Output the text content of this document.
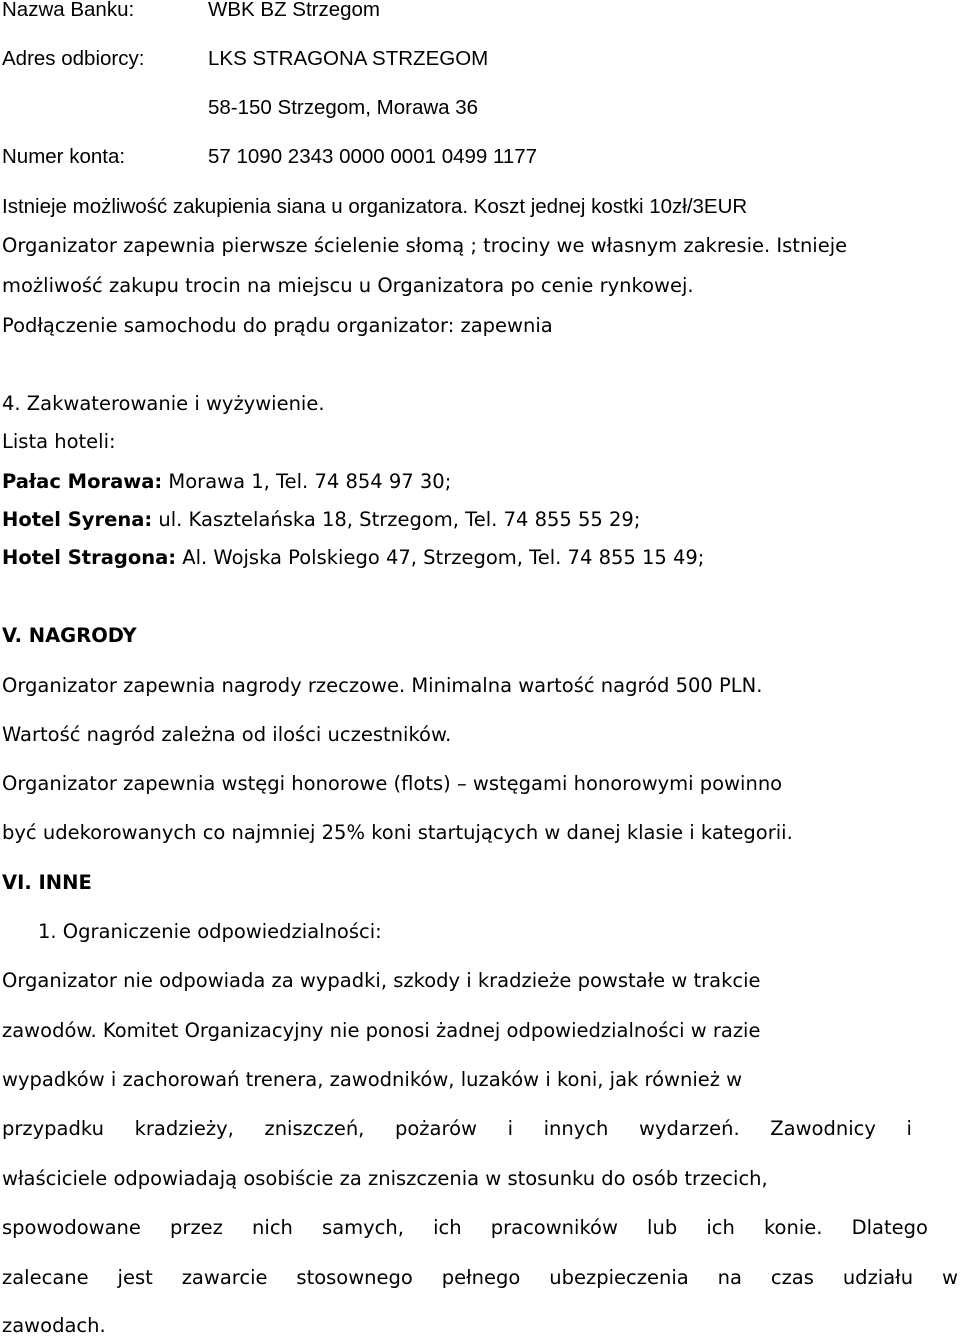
Nazwa Banku:	WBK BZ Strzegom
Adres odbiorcy:	LKS STRAGONA STRZEGOM
58-150 Strzegom, Morawa 36
Numer konta:	57 1090 2343 0000 0001 0499 1177
Istnieje możliwość zakupienia siana u organizatora. Koszt jednej kostki 10zł/3EUR
Organizator zapewnia pierwsze ścielenie słomą ; trociny we własnym zakresie. Istnieje
możliwość zakupu trocin na miejscu u Organizatora po cenie rynkowej.
Podłączenie samochodu do prądu organizator: zapewnia
4. Zakwaterowanie i wyżywienie.
Lista hoteli:
Pałac Morawa: Morawa 1, Tel. 74 854 97 30;
Hotel Syrena: ul. Kasztelańska 18, Strzegom, Tel. 74 855 55 29;
Hotel Stragona: Al. Wojska Polskiego 47, Strzegom, Tel. 74 855 15 49;
V. NAGRODY
Organizator zapewnia nagrody rzeczowe. Minimalna wartość nagród 500 PLN.
Wartość nagród zależna od ilości uczestników.
Organizator zapewnia wstęgi honorowe (flots) – wstęgami honorowymi powinno
być udekorowanych co najmniej 25% koni startujących w danej klasie i kategorii.
VI. INNE
1. Ograniczenie odpowiedzialności:
Organizator nie odpowiada za wypadki, szkody i kradzieże powstałe w trakcie
zawodów. Komitet Organizacyjny nie ponosi żadnej odpowiedzialności w razie
wypadków i zachorowań trenera, zawodników, luzaków i koni, jak również w
przypadku kradzieży, zniszczeń, pożarów i innych wydarzeń. Zawodnicy i
właściciele odpowiadają osobiście za zniszczenia w stosunku do osób trzecich,
spowodowane przez nich samych, ich pracowników lub ich konie. Dlatego
zalecane jest zawarcie stosownego pełnego ubezpieczenia na czas udziału w
zawodach.
